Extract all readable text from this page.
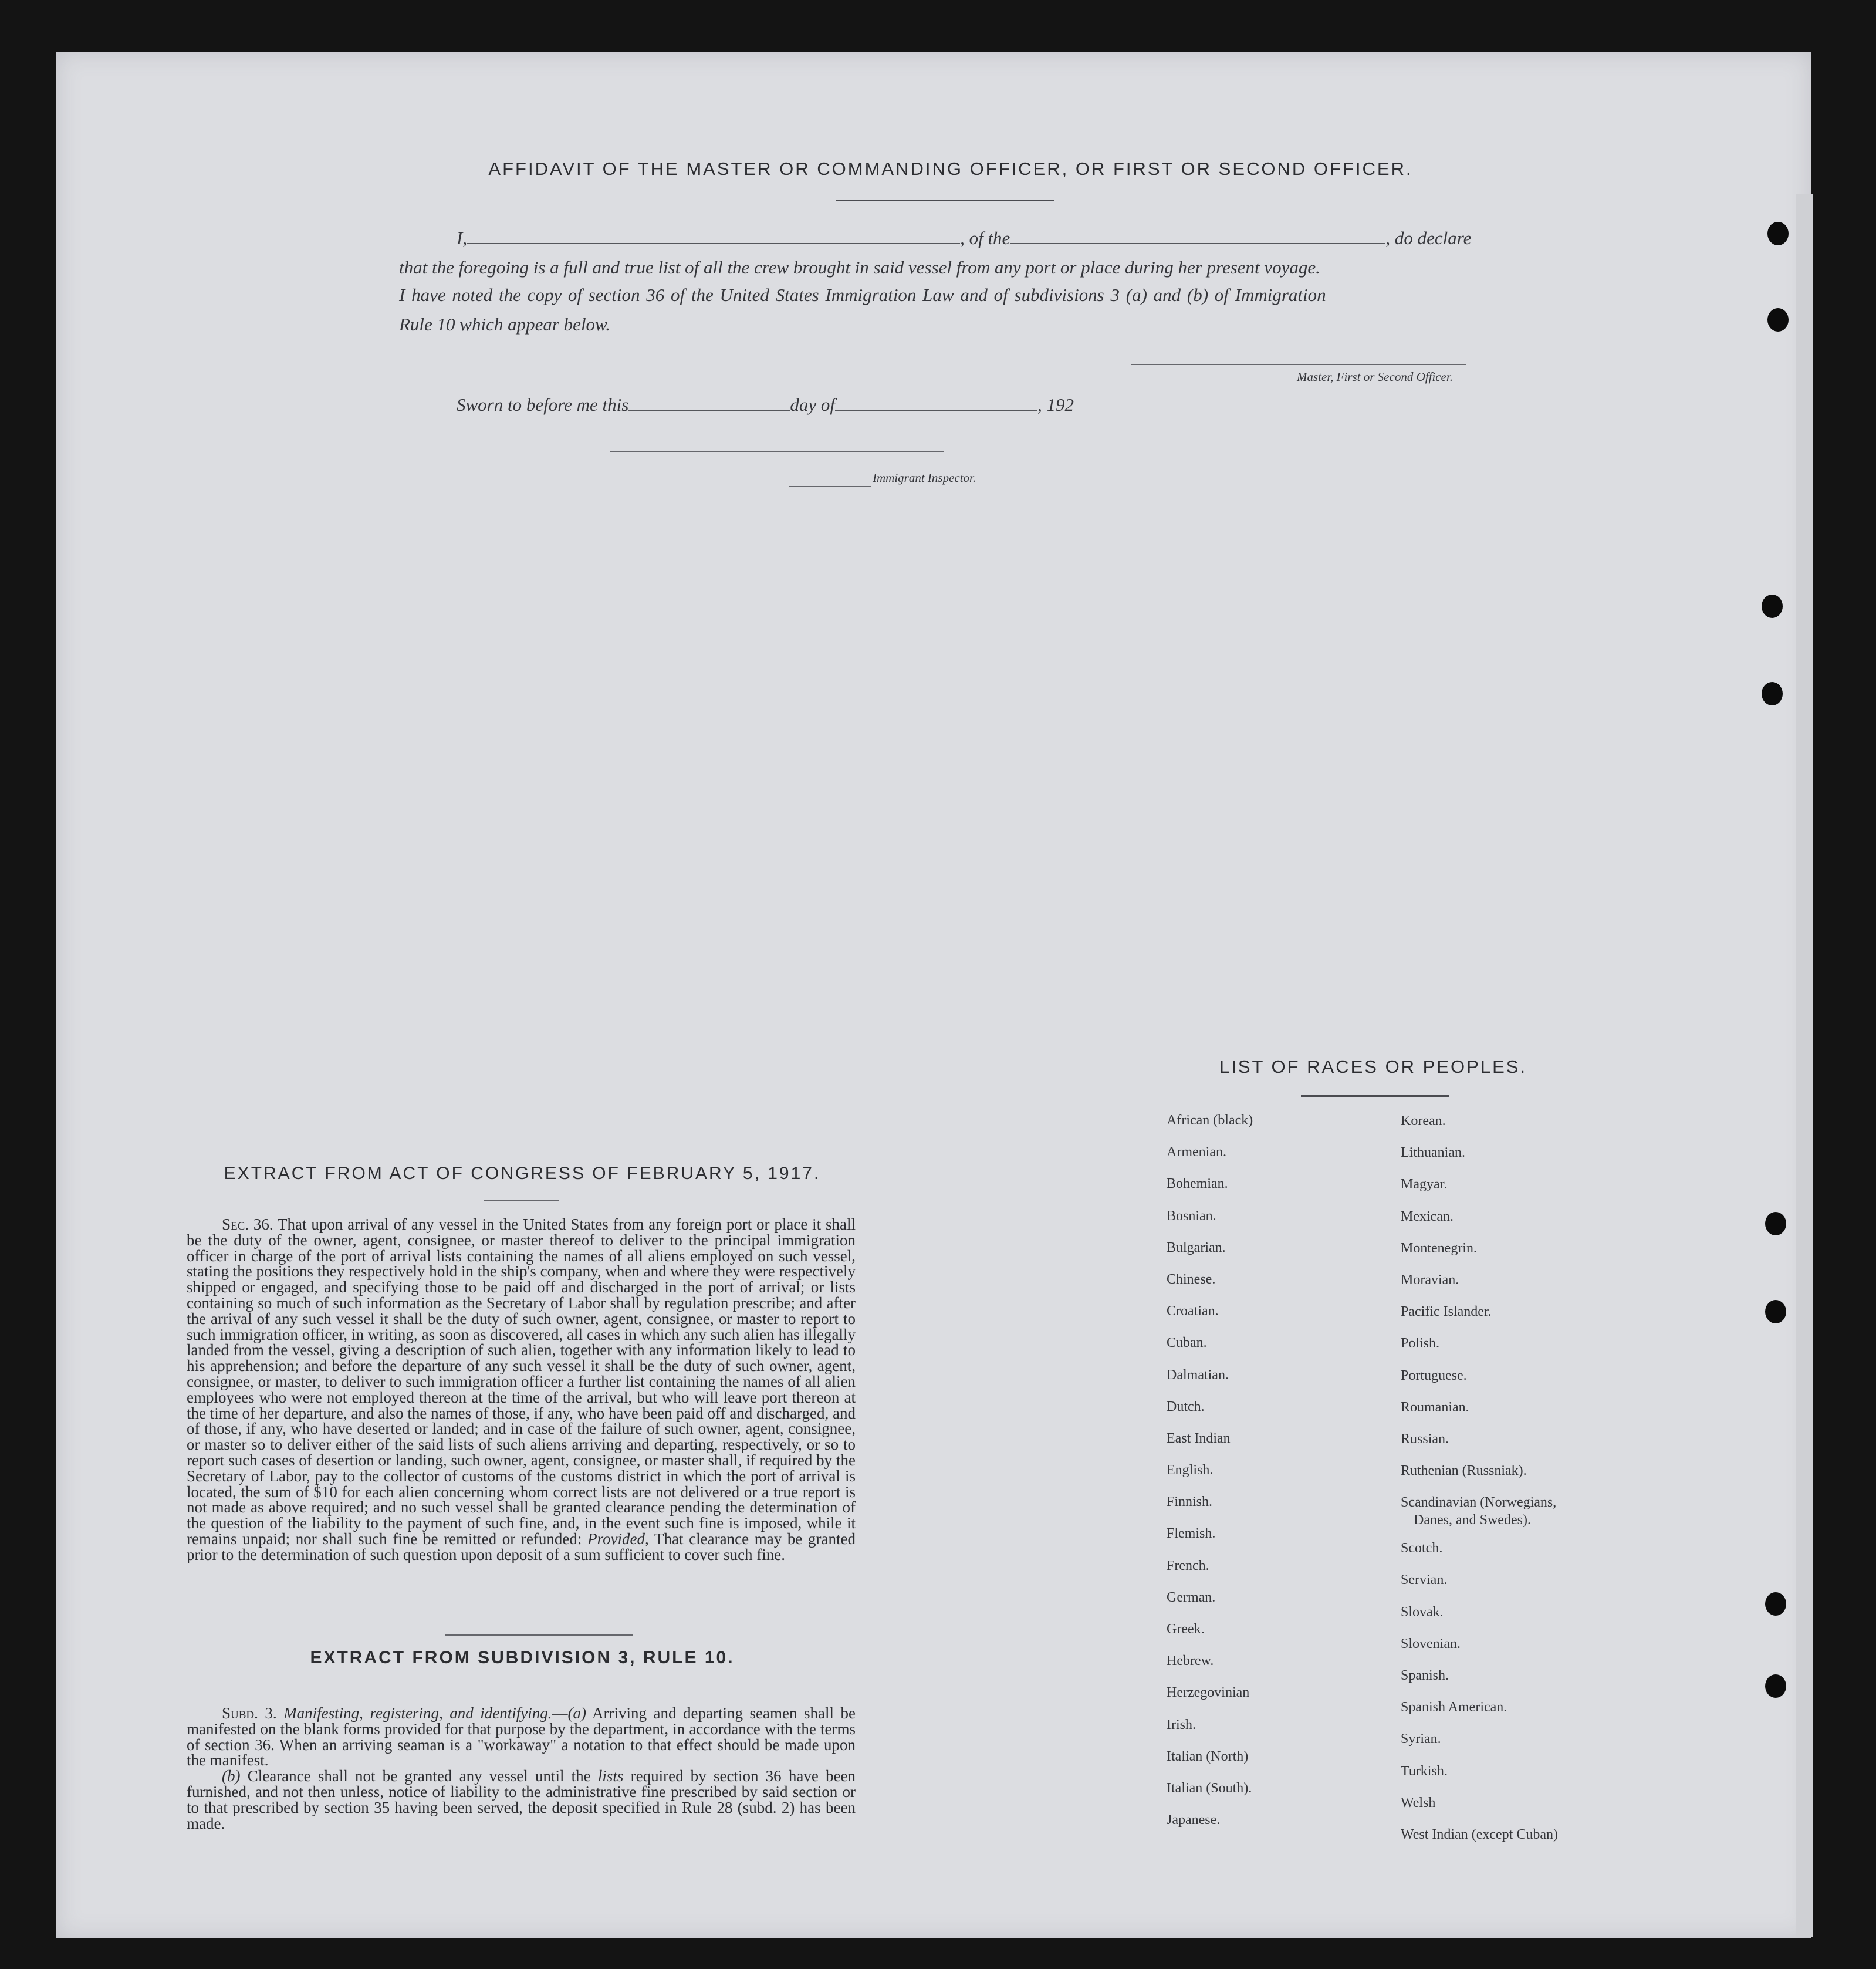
AFFIDAVIT OF THE MASTER OR COMMANDING OFFICER, OR FIRST OR SECOND OFFICER.
I,	, of the	, do declare
that the foregoing is a full and true list of all the crew brought in said vessel from any port or place during her present voyage.
I have noted the copy of section 36 of the United States Immigration Law and of subdivisions 3 (a) and (b) of Immigration
Rule 10 which appear below.
Master, First or Second Officer.
Sworn to before me this	day of	, 192
Immigrant Inspector.
EXTRACT FROM ACT OF CONGRESS OF FEBRUARY 5, 1917.

Sec. 36. That upon arrival of any vessel in the United States from any foreign port or place it shall be the duty of the owner, agent, consignee, or master thereof to deliver to the principal immigration officer in charge of the port of arrival lists containing the names of all aliens employed on such vessel, stating the positions they respectively hold in the ship's company, when and where they were respectively shipped or engaged, and specifying those to be paid off and discharged in the port of arrival; or lists containing so much of such information as the Secretary of Labor shall by regulation prescribe; and after the arrival of any such vessel it shall be the duty of such owner, agent, consignee, or master to report to such immigration officer, in writing, as soon as discovered, all cases in which any such alien has illegally landed from the vessel, giving a description of such alien, together with any information likely to lead to his apprehension; and before the departure of any such vessel it shall be the duty of such owner, agent, consignee, or master, to deliver to such immigration officer a further list containing the names of all alien employees who were not employed thereon at the time of the arrival, but who will leave port thereon at the time of her departure, and also the names of those, if any, who have been paid off and discharged, and of those, if any, who have deserted or landed; and in case of the failure of such owner, agent, consignee, or master so to deliver either of the said lists of such aliens arriving and departing, respectively, or so to report such cases of desertion or landing, such owner, agent, consignee, or master shall, if required by the Secretary of Labor, pay to the collector of customs of the customs district in which the port of arrival is located, the sum of $10 for each alien concerning whom correct lists are not delivered or a true report is not made as above required; and no such vessel shall be granted clearance pending the determination of the question of the liability to the payment of such fine, and, in the event such fine is imposed, while it remains unpaid; nor shall such fine be remitted or refunded: Provided, That clearance may be granted prior to the determination of such question upon deposit of a sum sufficient to cover such fine.

EXTRACT FROM SUBDIVISION 3, RULE 10.

Subd. 3. Manifesting, registering, and identifying.—(a) Arriving and departing seamen shall be manifested on the blank forms provided for that purpose by the department, in accordance with the terms of section 36. When an arriving seaman is a "workaway" a notation to that effect should be made upon the manifest.

(b) Clearance shall not be granted any vessel until the lists required by section 36 have been furnished, and not then unless, notice of liability to the administrative fine prescribed by said section or to that prescribed by section 35 having been served, the deposit specified in Rule 28 (subd. 2) has been made.

LIST OF RACES OR PEOPLES.
African (black)
Armenian.
Bohemian.
Bosnian.
Bulgarian.
Chinese.
Croatian.
Cuban.
Dalmatian.
Dutch.
East Indian
English.
Finnish.
Flemish.
French.
German.
Greek.
Hebrew.
Herzegovinian
Irish.
Italian (North)
Italian (South).
Japanese.
Korean.
Lithuanian.
Magyar.
Mexican.
Montenegrin.
Moravian.
Pacific Islander.
Polish.
Portuguese.
Roumanian.
Russian.
Ruthenian (Russniak).
Scandinavian (Norwegians,
Danes, and Swedes).
Scotch.
Servian.
Slovak.
Slovenian.
Spanish.
Spanish American.
Syrian.
Turkish.
Welsh
West Indian (except Cuban)
